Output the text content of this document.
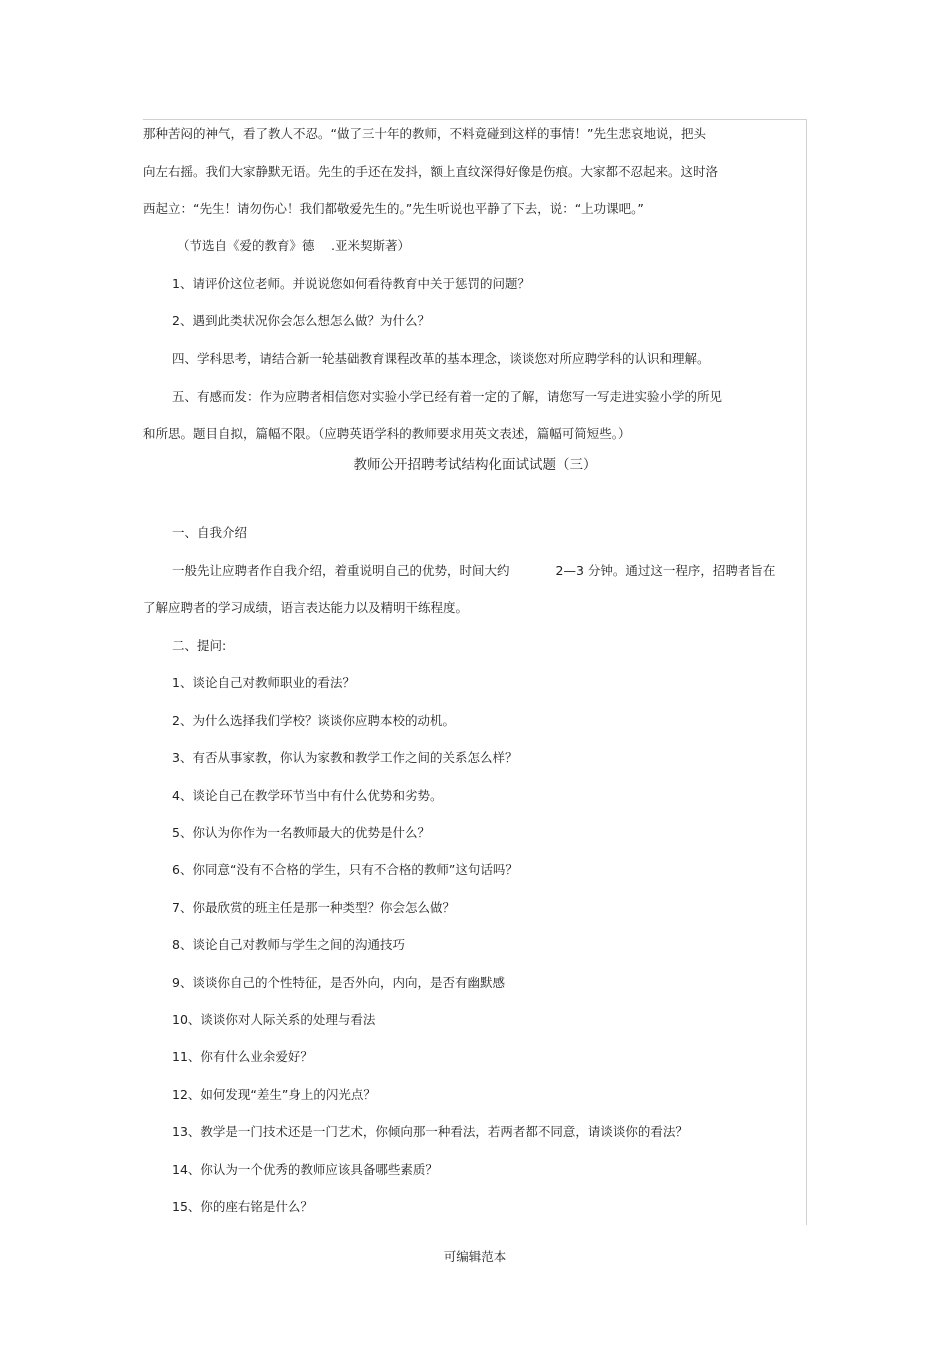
那种苦闷的神气，看了教人不忍。“做了三十年的教师，不料竟碰到这样的事情！”先生悲哀地说，把头
向左右摇。我们大家静默无语。先生的手还在发抖，额上直纹深得好像是伤痕。大家都不忍起来。这时洛
西起立：“先生！请勿伤心！我们都敬爱先生的。”先生听说也平静了下去，说：“上功课吧。”
（节选自《爱的教育》德　 .亚米契斯著）
1、请评价这位老师。并说说您如何看待教育中关于惩罚的问题？
2、遇到此类状况你会怎么想怎么做？为什么？
四、学科思考，请结合新一轮基础教育课程改革的基本理念，谈谈您对所应聘学科的认识和理解。
五、有感而发：作为应聘者相信您对实验小学已经有着一定的了解，请您写一写走进实验小学的所见
和所思。题目自拟，篇幅不限。（应聘英语学科的教师要求用英文表述，篇幅可简短些。）
教师公开招聘考试结构化面试试题（三）
一、自我介绍
一般先让应聘者作自我介绍，着重说明自己的优势，时间大约	2—3 分钟。通过这一程序，招聘者旨在
了解应聘者的学习成绩，语言表达能力以及精明干练程度。
二、提问:
1、谈论自己对教师职业的看法？
2、为什么选择我们学校？谈谈你应聘本校的动机。
3、有否从事家教，你认为家教和教学工作之间的关系怎么样？
4、谈论自己在教学环节当中有什么优势和劣势。
5、你认为你作为一名教师最大的优势是什么？
6、你同意“没有不合格的学生，只有不合格的教师”这句话吗？
7、你最欣赏的班主任是那一种类型？你会怎么做？
8、谈论自己对教师与学生之间的沟通技巧
9、谈谈你自己的个性特征，是否外向，内向，是否有幽默感
10、谈谈你对人际关系的处理与看法
11、你有什么业余爱好？
12、如何发现“差生”身上的闪光点？
13、教学是一门技术还是一门艺术，你倾向那一种看法，若两者都不同意，请谈谈你的看法？
14、你认为一个优秀的教师应该具备哪些素质？
15、你的座右铭是什么？
可编辑范本
